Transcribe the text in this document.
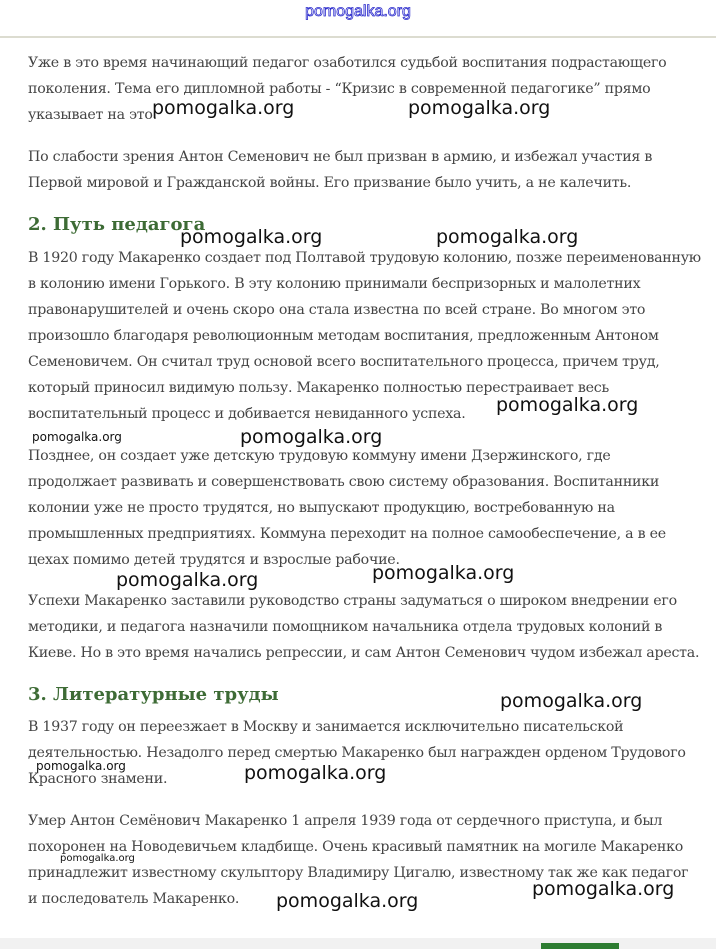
pomogalka.org
Уже в это время начинающий педагог озаботился судьбой воспитания подрастающего
поколения. Тема его дипломной работы - “Кризис в современной педагогике” прямо
указывает на это.
По слабости зрения Антон Семенович не был призван в армию, и избежал участия в
Первой мировой и Гражданской войны. Его призвание было учить, а не калечить.
2. Путь педагога
В 1920 году Макаренко создает под Полтавой трудовую колонию, позже переименованную
в колонию имени Горького. В эту колонию принимали беспризорных и малолетних
правонарушителей и очень скоро она стала известна по всей стране. Во многом это
произошло благодаря революционным методам воспитания, предложенным Антоном
Семеновичем. Он считал труд основой всего воспитательного процесса, причем труд,
который приносил видимую пользу. Макаренко полностью перестраивает весь
воспитательный процесс и добивается невиданного успеха.
Позднее, он создает уже детскую трудовую коммуну имени Дзержинского, где
продолжает развивать и совершенствовать свою систему образования. Воспитанники
колонии уже не просто трудятся, но выпускают продукцию, востребованную на
промышленных предприятиях. Коммуна переходит на полное самообеспечение, а в ее
цехах помимо детей трудятся и взрослые рабочие.
Успехи Макаренко заставили руководство страны задуматься о широком внедрении его
методики, и педагога назначили помощником начальника отдела трудовых колоний в
Киеве. Но в это время начались репрессии, и сам Антон Семенович чудом избежал ареста.
3. Литературные труды
В 1937 году он переезжает в Москву и занимается исключительно писательской
деятельностью. Незадолго перед смертью Макаренко был награжден орденом Трудового
Красного знамени.
Умер Антон Семёнович Макаренко 1 апреля 1939 года от сердечного приступа, и был
похоронен на Новодевичьем кладбище. Очень красивый памятник на могиле Макаренко
принадлежит известному скульптору Владимиру Цигалю, известному так же как педагог
и последователь Макаренко.
pomogalka.org	pomogalka.org
pomogalka.org	pomogalka.org
pomogalka.org
pomogalka.org	pomogalka.org
pomogalka.org	pomogalka.org
pomogalka.org
pomogalka.org	pomogalka.org
pomogalka.org
pomogalka.org
pomogalka.org
